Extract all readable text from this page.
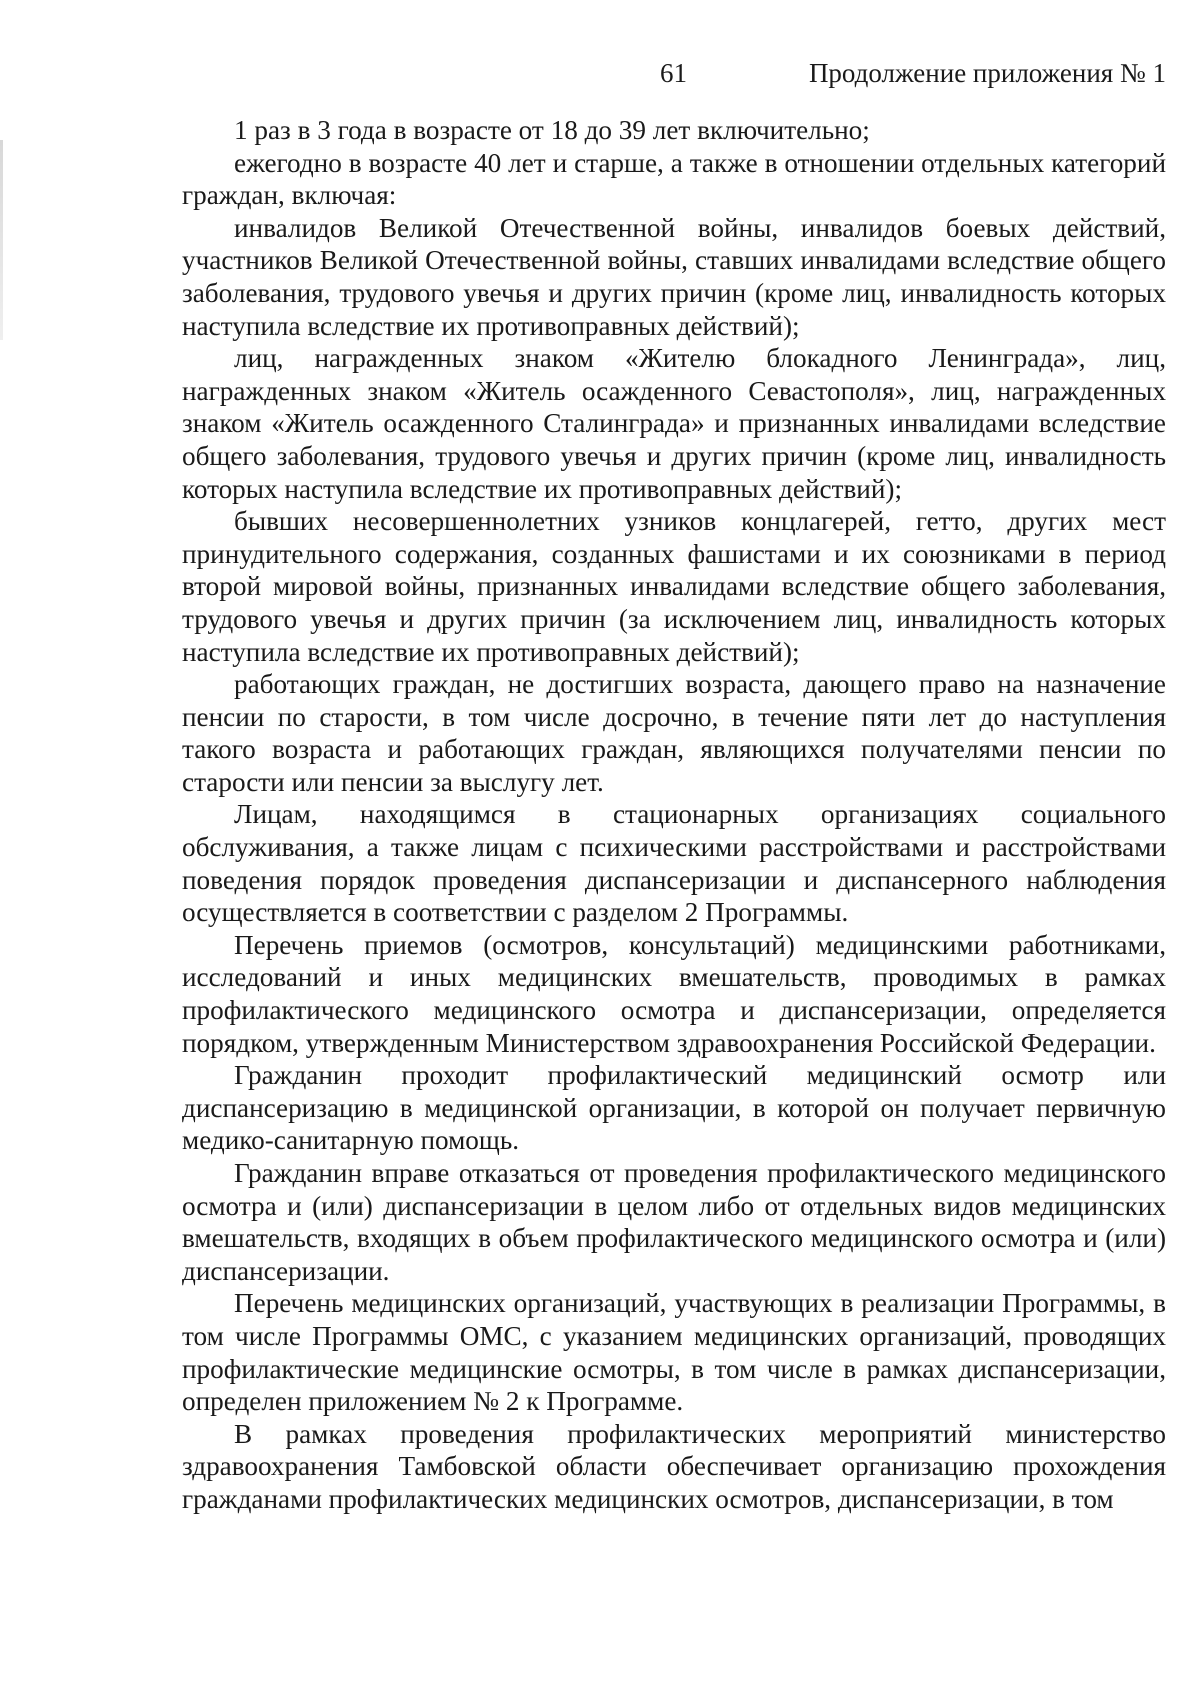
61	Продолжение приложения № 1

1 раз в 3 года в возрасте от 18 до 39 лет включительно;

ежегодно в возрасте 40 лет и старше, а также в отношении отдельных категорий граждан, включая:

инвалидов Великой Отечественной войны, инвалидов боевых действий, участников Великой Отечественной войны, ставших инвалидами вследствие общего заболевания, трудового увечья и других причин (кроме лиц, инвалидность которых наступила вследствие их противоправных действий);

лиц, награжденных знаком «Жителю блокадного Ленинграда», лиц, награжденных знаком «Житель осажденного Севастополя», лиц, награжденных знаком «Житель осажденного Сталинграда» и признанных инвалидами вследствие общего заболевания, трудового увечья и других причин (кроме лиц, инвалидность которых наступила вследствие их противоправных действий);

бывших несовершеннолетних узников концлагерей, гетто, других мест принудительного содержания, созданных фашистами и их союзниками в период второй мировой войны, признанных инвалидами вследствие общего заболевания, трудового увечья и других причин (за исключением лиц, инвалидность которых наступила вследствие их противоправных действий);

работающих граждан, не достигших возраста, дающего право на назначение пенсии по старости, в том числе досрочно, в течение пяти лет до наступления такого возраста и работающих граждан, являющихся получателями пенсии по старости или пенсии за выслугу лет.

Лицам, находящимся в стационарных организациях социального обслуживания, а также лицам с психическими расстройствами и расстройствами поведения порядок проведения диспансеризации и диспансерного наблюдения осуществляется в соответствии с разделом 2 Программы.

Перечень приемов (осмотров, консультаций) медицинскими работниками, исследований и иных медицинских вмешательств, проводимых в рамках профилактического медицинского осмотра и диспансеризации, определяется порядком, утвержденным Министерством здравоохранения Российской Федерации.

Гражданин проходит профилактический медицинский осмотр или диспансеризацию в медицинской организации, в которой он получает первичную медико-санитарную помощь.

Гражданин вправе отказаться от проведения профилактического медицинского осмотра и (или) диспансеризации в целом либо от отдельных видов медицинских вмешательств, входящих в объем профилактического медицинского осмотра и (или) диспансеризации.

Перечень медицинских организаций, участвующих в реализации Программы, в том числе Программы ОМС, с указанием медицинских организаций, проводящих профилактические медицинские осмотры, в том числе в рамках диспансеризации, определен приложением № 2 к Программе.

В рамках проведения профилактических мероприятий министерство здравоохранения Тамбовской области обеспечивает организацию прохождения гражданами профилактических медицинских осмотров, диспансеризации, в том
